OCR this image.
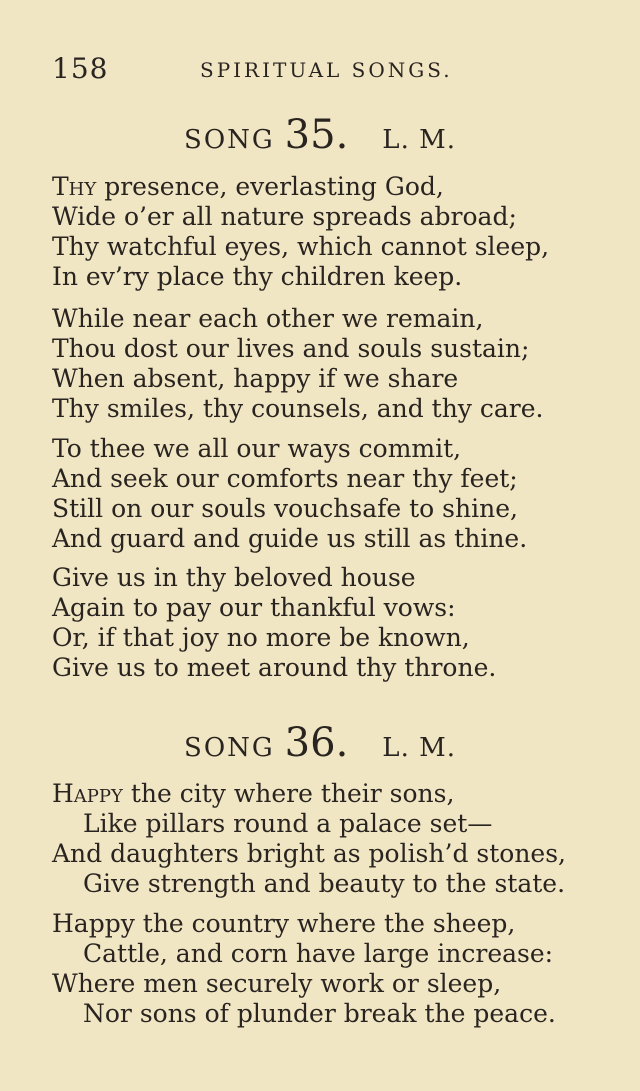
158	SPIRITUAL SONGS.
SONG 35. L. M.
Thy presence, everlasting God,
Wide o’er all nature spreads abroad;
Thy watchful eyes, which cannot sleep,
In ev’ry place thy children keep.
While near each other we remain,
Thou dost our lives and souls sustain;
When absent, happy if we share
Thy smiles, thy counsels, and thy care.
To thee we all our ways commit,
And seek our comforts near thy feet;
Still on our souls vouchsafe to shine,
And guard and guide us still as thine.
Give us in thy beloved house
Again to pay our thankful vows:
Or, if that joy no more be known,
Give us to meet around thy throne.
SONG 36. L. M.
Happy the city where their sons,
Like pillars round a palace set—
And daughters bright as polish’d stones,
Give strength and beauty to the state.
Happy the country where the sheep,
Cattle, and corn have large increase:
Where men securely work or sleep,
Nor sons of plunder break the peace.
